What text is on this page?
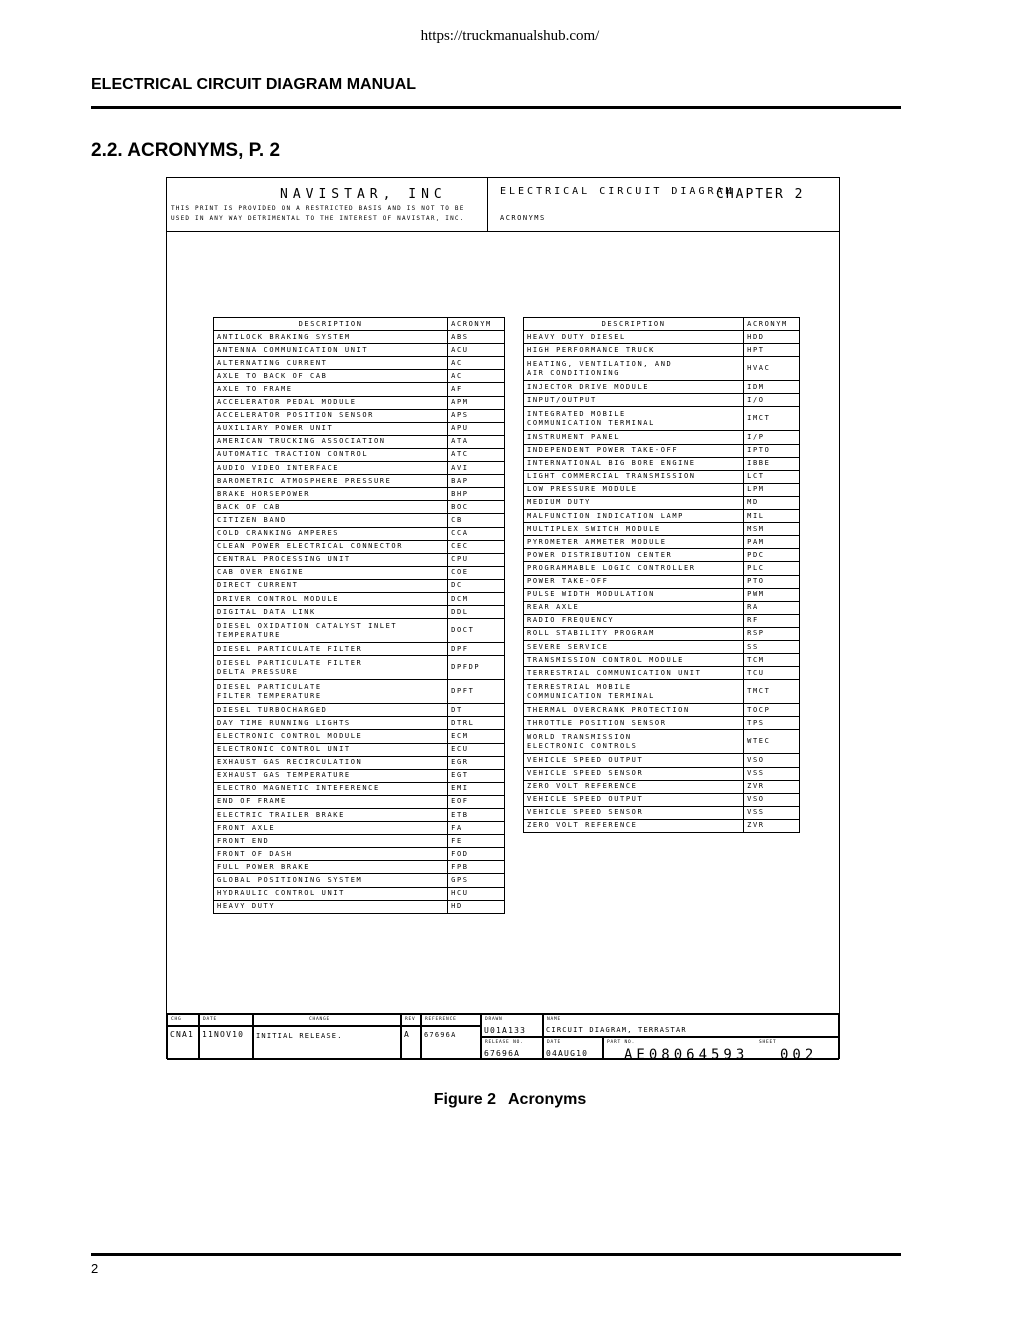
https://truckmanualshub.com/
ELECTRICAL CIRCUIT DIAGRAM MANUAL
2.2. ACRONYMS, P. 2
NAVISTAR, INC
THIS PRINT IS PROVIDED ON A RESTRICTED BASIS AND IS NOT TO BE USED IN ANY WAY DETRIMENTAL TO THE INTEREST OF NAVISTAR, INC.
ELECTRICAL CIRCUIT DIAGRAM
CHAPTER 2
ACRONYMS
DESCRIPTION	ACRONYM

ANTILOCK BRAKING SYSTEM	ABS

ANTENNA COMMUNICATION UNIT	ACU

ALTERNATING CURRENT	AC

AXLE TO BACK OF CAB	AC

AXLE TO FRAME	AF

ACCELERATOR PEDAL MODULE	APM

ACCELERATOR POSITION SENSOR	APS

AUXILIARY POWER UNIT	APU

AMERICAN TRUCKING ASSOCIATION	ATA

AUTOMATIC TRACTION CONTROL	ATC

AUDIO VIDEO INTERFACE	AVI

BAROMETRIC ATMOSPHERE PRESSURE	BAP

BRAKE HORSEPOWER	BHP

BACK OF CAB	BOC

CITIZEN BAND	CB

COLD CRANKING AMPERES	CCA

CLEAN POWER ELECTRICAL CONNECTOR	CEC

CENTRAL PROCESSING UNIT	CPU

CAB OVER ENGINE	COE

DIRECT CURRENT	DC

DRIVER CONTROL MODULE	DCM

DIGITAL DATA LINK	DDL

DIESEL OXIDATION CATALYST INLET
TEMPERATURE	DOCT

DIESEL PARTICULATE FILTER	DPF

DIESEL PARTICULATE FILTER
DELTA PRESSURE	DPFDP

DIESEL PARTICULATE
FILTER TEMPERATURE	DPFT

DIESEL TURBOCHARGED	DT

DAY TIME RUNNING LIGHTS	DTRL

ELECTRONIC CONTROL MODULE	ECM

ELECTRONIC CONTROL UNIT	ECU

EXHAUST GAS RECIRCULATION	EGR

EXHAUST GAS TEMPERATURE	EGT

ELECTRO MAGNETIC INTEFERENCE	EMI

END OF FRAME	EOF

ELECTRIC TRAILER BRAKE	ETB

FRONT AXLE	FA

FRONT END	FE

FRONT OF DASH	FOD

FULL POWER BRAKE	FPB

GLOBAL POSITIONING SYSTEM	GPS

HYDRAULIC CONTROL UNIT	HCU

HEAVY DUTY	HD
DESCRIPTION	ACRONYM

HEAVY DUTY DIESEL	HDD

HIGH PERFORMANCE TRUCK	HPT

HEATING, VENTILATION, AND
AIR CONDITIONING	HVAC

INJECTOR DRIVE MODULE	IDM

INPUT/OUTPUT	I/O

INTEGRATED MOBILE
COMMUNICATION TERMINAL	IMCT

INSTRUMENT PANEL	I/P

INDEPENDENT POWER TAKE-OFF	IPTO

INTERNATIONAL BIG BORE ENGINE	IBBE

LIGHT COMMERCIAL TRANSMISSION	LCT

LOW PRESSURE MODULE	LPM

MEDIUM DUTY	MD

MALFUNCTION INDICATION LAMP	MIL

MULTIPLEX SWITCH MODULE	MSM

PYROMETER AMMETER MODULE	PAM

POWER DISTRIBUTION CENTER	PDC

PROGRAMMABLE LOGIC CONTROLLER	PLC

POWER TAKE-OFF	PTO

PULSE WIDTH MODULATION	PWM

REAR AXLE	RA

RADIO FREQUENCY	RF

ROLL STABILITY PROGRAM	RSP

SEVERE SERVICE	SS

TRANSMISSION CONTROL MODULE	TCM

TERRESTRIAL COMMUNICATION UNIT	TCU

TERRESTRIAL MOBILE
COMMUNICATION TERMINAL	TMCT

THERMAL OVERCRANK PROTECTION	TOCP

THROTTLE POSITION SENSOR	TPS

WORLD TRANSMISSION
ELECTRONIC CONTROLS	WTEC

VEHICLE SPEED OUTPUT	VSO

VEHICLE SPEED SENSOR	VSS

ZERO VOLT REFERENCE	ZVR

VEHICLE SPEED OUTPUT	VSO

VEHICLE SPEED SENSOR	VSS

ZERO VOLT REFERENCE	ZVR
CHG	DATE	CHANGE	REV REFERENCE
CNA1 11NOV10 INITIAL RELEASE.	A 67696A
DRAWN
U01A133
NAME
CIRCUIT DIAGRAM, TERRASTAR
RELEASE NO.
67696A
DATE
04AUG10
PART NO.	SHEET
AE08064593 002
Figure 2 Acronyms
2
